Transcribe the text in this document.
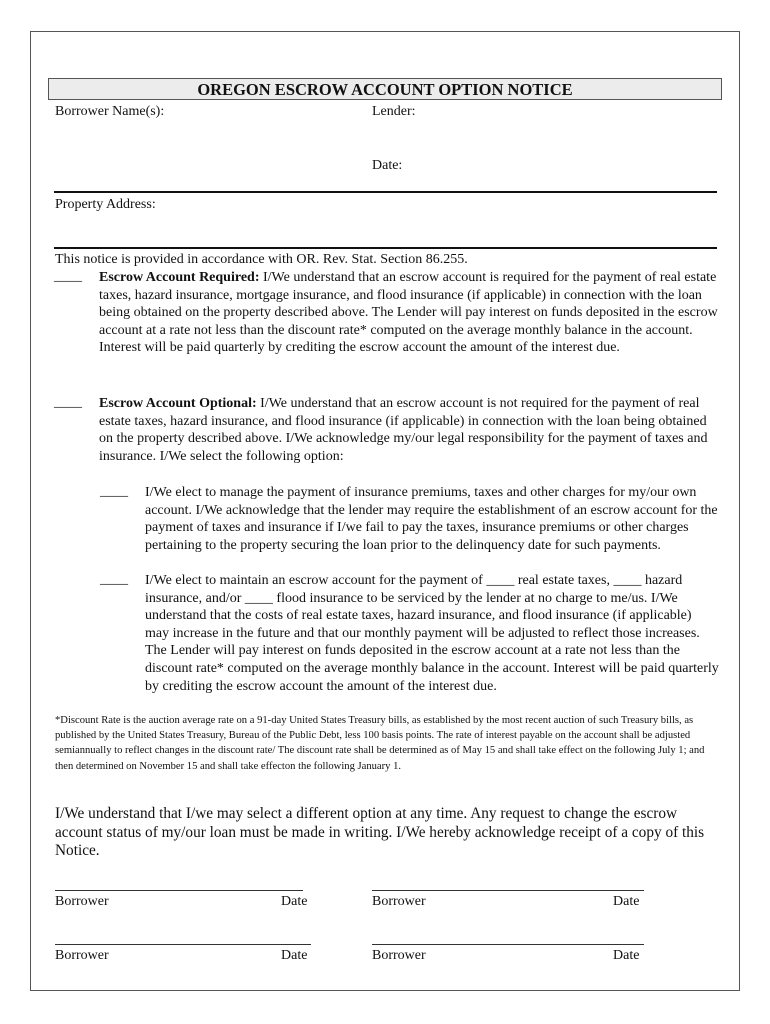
OREGON ESCROW ACCOUNT OPTION NOTICE
Borrower Name(s):	Lender:
Date:
Property Address:
This notice is provided in accordance with OR. Rev. Stat. Section 86.255.
____ Escrow Account Required: I/We understand that an escrow account is required for the payment of real estate taxes, hazard insurance, mortgage insurance, and flood insurance (if applicable) in connection with the loan being obtained on the property described above. The Lender will pay interest on funds deposited in the escrow account at a rate not less than the discount rate* computed on the average monthly balance in the account. Interest will be paid quarterly by crediting the escrow account the amount of the interest due.
____ Escrow Account Optional: I/We understand that an escrow account is not required for the payment of real estate taxes, hazard insurance, and flood insurance (if applicable) in connection with the loan being obtained on the property described above. I/We acknowledge my/our legal responsibility for the payment of taxes and insurance. I/We select the following option:
____ I/We elect to manage the payment of insurance premiums, taxes and other charges for my/our own account. I/We acknowledge that the lender may require the establishment of an escrow account for the payment of taxes and insurance if I/we fail to pay the taxes, insurance premiums or other charges pertaining to the property securing the loan prior to the delinquency date for such payments.
____ I/We elect to maintain an escrow account for the payment of ____ real estate taxes, ____ hazard insurance, and/or ____ flood insurance to be serviced by the lender at no charge to me/us. I/We understand that the costs of real estate taxes, hazard insurance, and flood insurance (if applicable) may increase in the future and that our monthly payment will be adjusted to reflect those increases. The Lender will pay interest on funds deposited in the escrow account at a rate not less than the discount rate* computed on the average monthly balance in the account. Interest will be paid quarterly by crediting the escrow account the amount of the interest due.
*Discount Rate is the auction average rate on a 91-day United States Treasury bills, as established by the most recent auction of such Treasury bills, as published by the United States Treasury, Bureau of the Public Debt, less 100 basis points. The rate of interest payable on the account shall be adjusted semiannually to reflect changes in the discount rate/ The discount rate shall be determined as of May 15 and shall take effect on the following July 1; and then determined on November 15 and shall take effecton the following January 1.
I/We understand that I/we may select a different option at any time. Any request to change the escrow account status of my/our loan must be made in writing. I/We hereby acknowledge receipt of a copy of this Notice.
Borrower	Date	Borrower	Date
Borrower	Date	Borrower	Date
